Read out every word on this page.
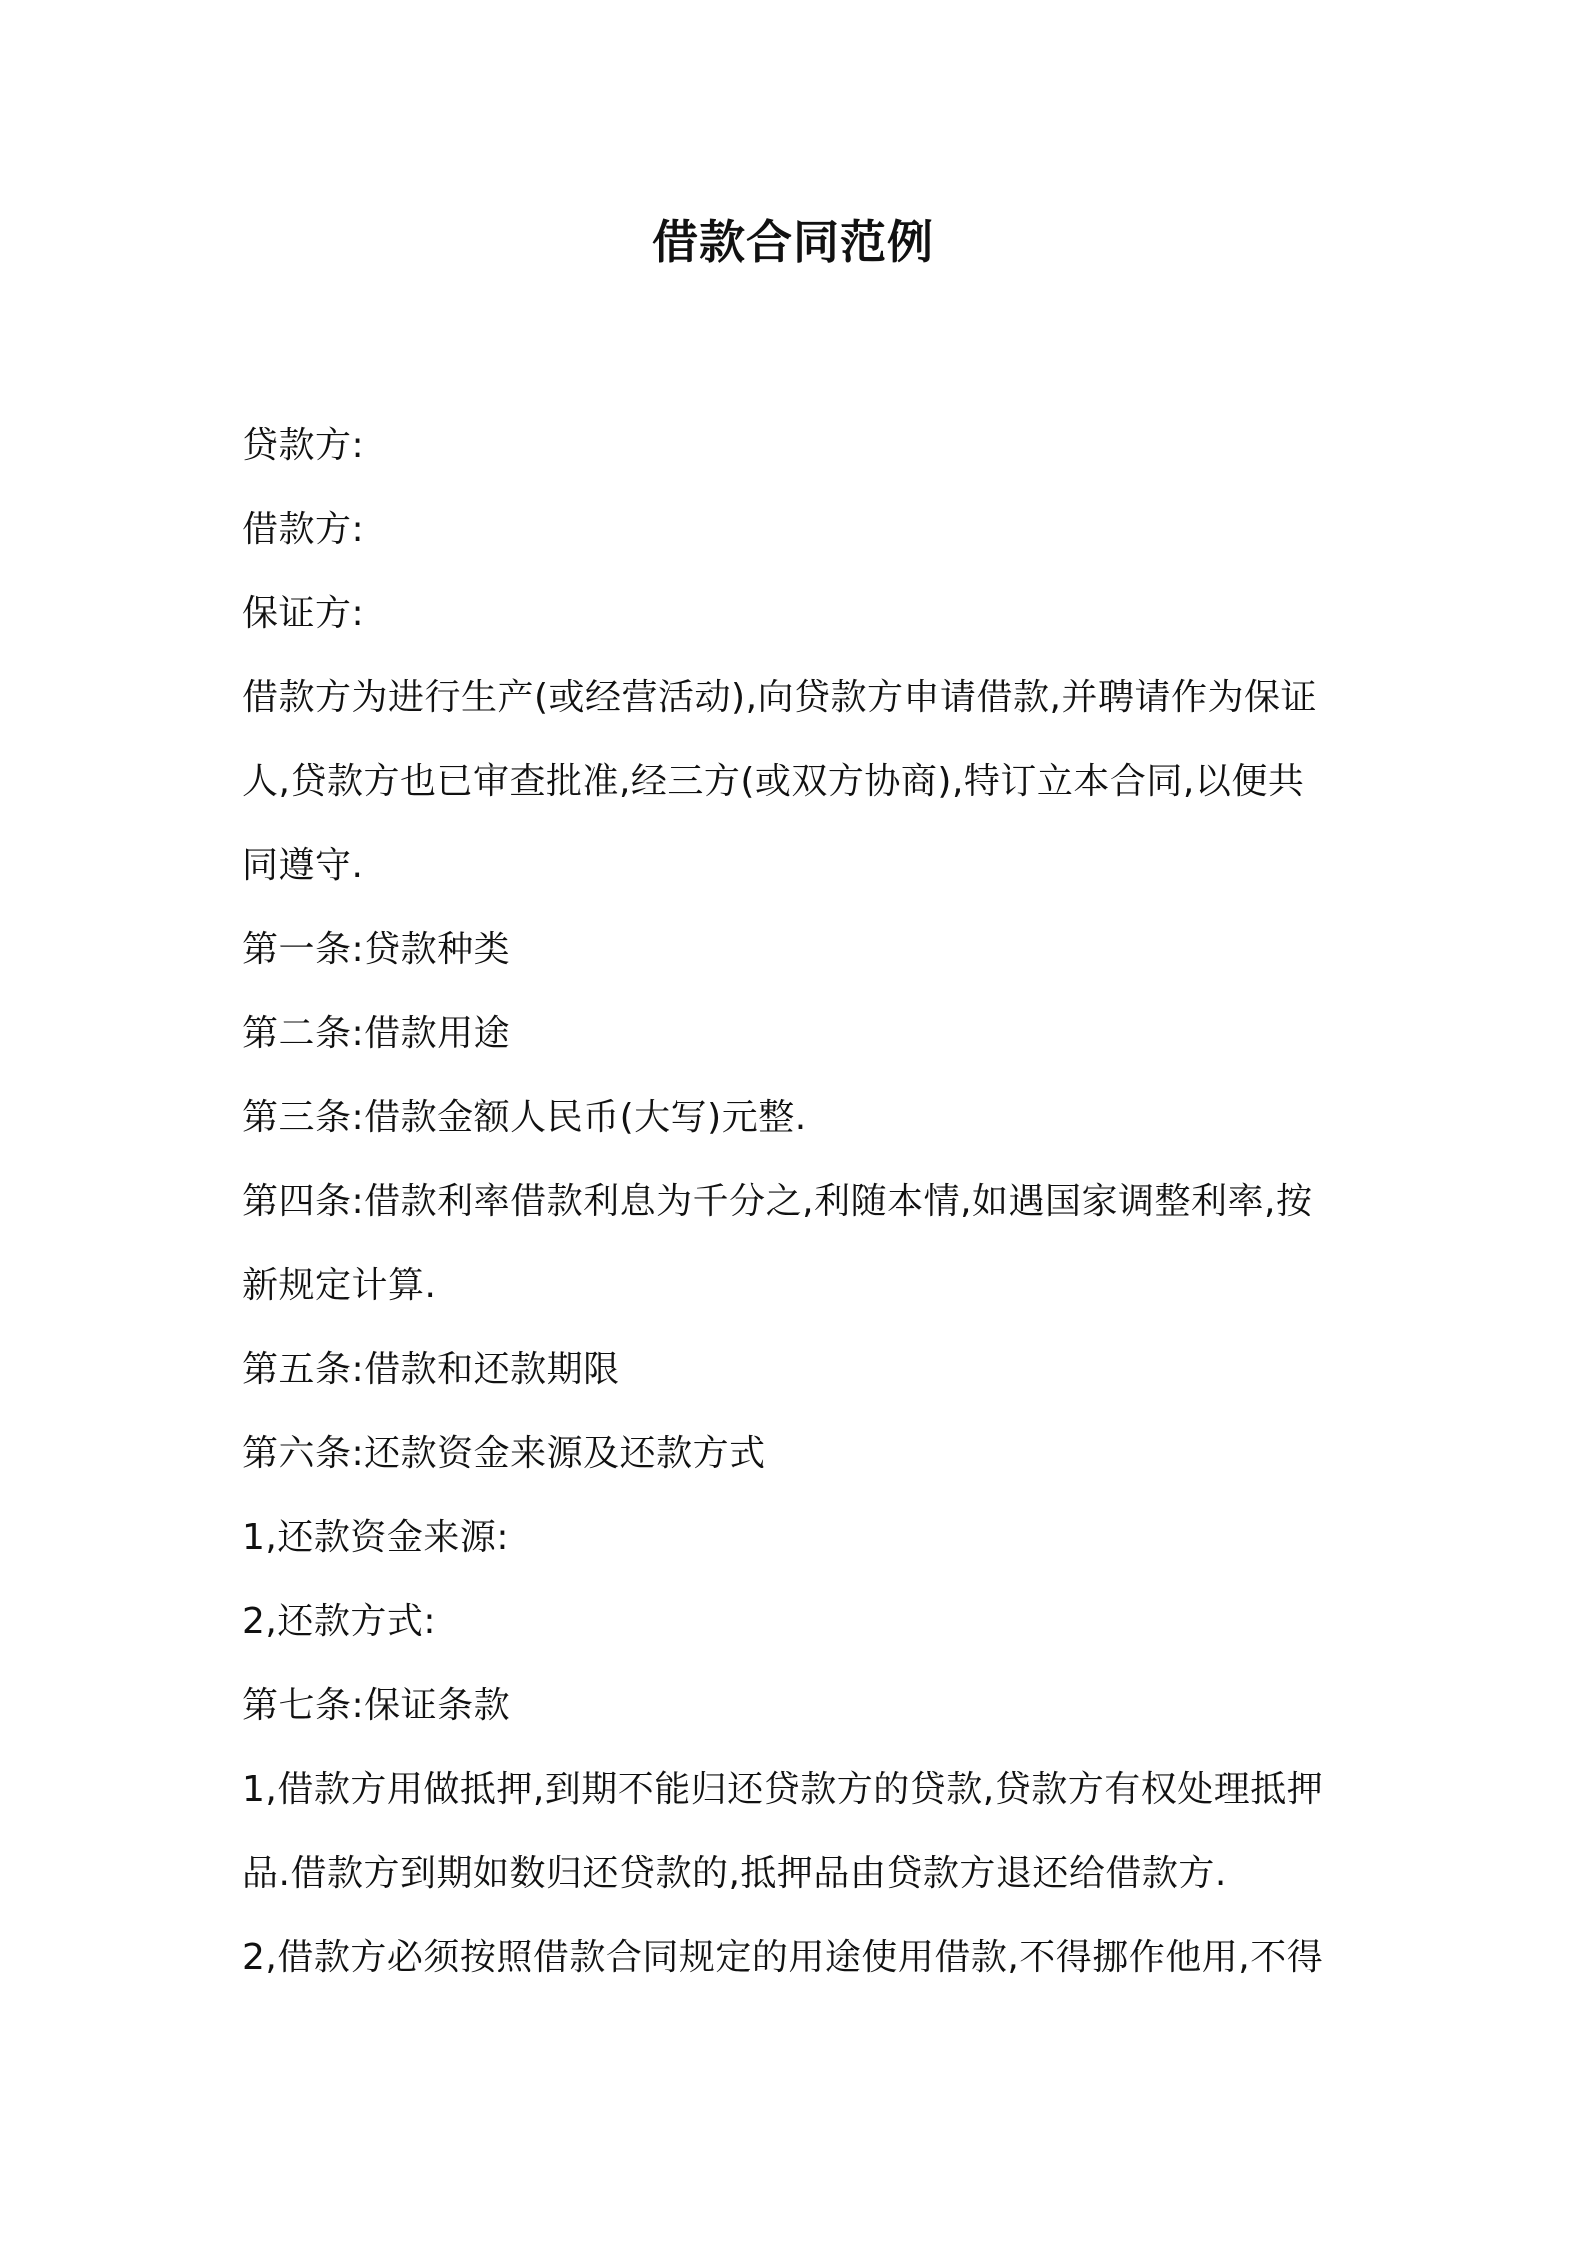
借款合同范例
贷款方:
借款方:
保证方:
借款方为进行生产(或经营活动),向贷款方申请借款,并聘请作为保证
人,贷款方也已审查批准,经三方(或双方协商),特订立本合同,以便共
同遵守.
第一条:贷款种类
第二条:借款用途
第三条:借款金额人民币(大写)元整.
第四条:借款利率借款利息为千分之,利随本情,如遇国家调整利率,按
新规定计算.
第五条:借款和还款期限
第六条:还款资金来源及还款方式
1,还款资金来源:
2,还款方式:
第七条:保证条款
1,借款方用做抵押,到期不能归还贷款方的贷款,贷款方有权处理抵押
品.借款方到期如数归还贷款的,抵押品由贷款方退还给借款方.
2,借款方必须按照借款合同规定的用途使用借款,不得挪作他用,不得
